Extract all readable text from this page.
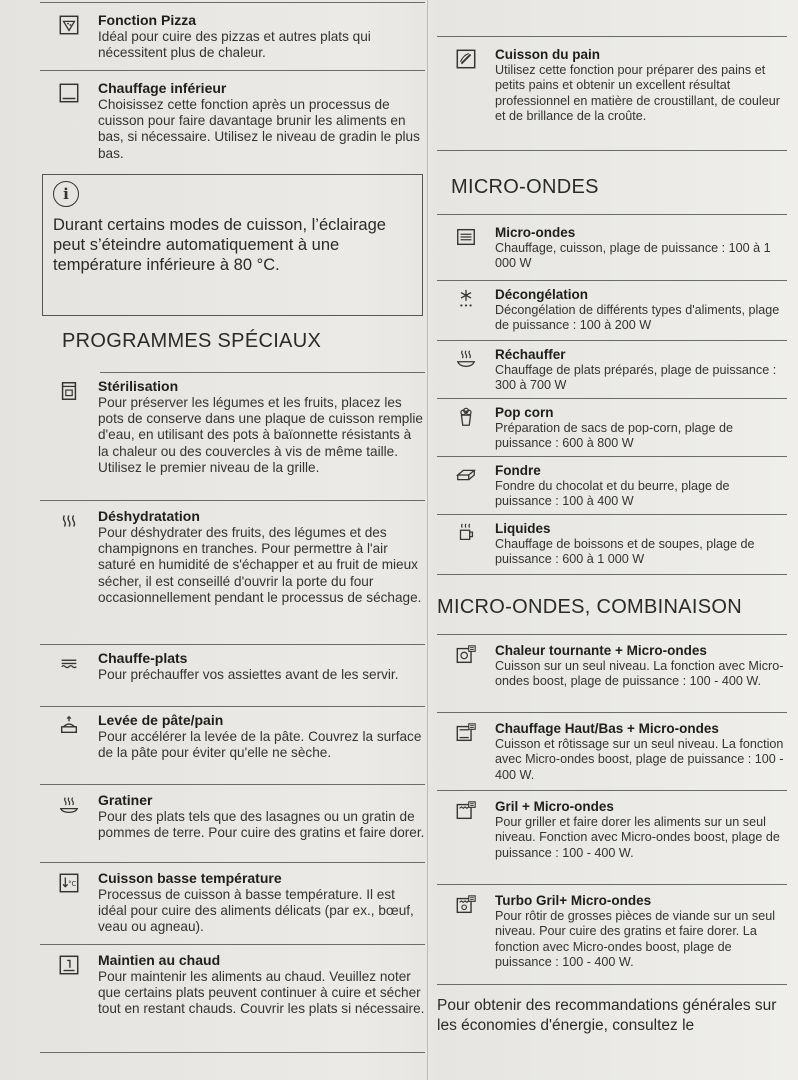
Fonction Pizza
Idéal pour cuire des pizzas et autres plats qui nécessitent plus de chaleur.
Chauffage inférieur
Choisissez cette fonction après un processus de cuisson pour faire davantage brunir les aliments en bas, si nécessaire. Utilisez le niveau de gradin le plus bas.
i
Durant certains modes de cuisson, l’éclairage peut s’éteindre automatiquement à une température inférieure à 80 °C.
PROGRAMMES SPÉCIAUX
Stérilisation
Pour préserver les légumes et les fruits, placez les pots de conserve dans une plaque de cuisson remplie d'eau, en utilisant des pots à baïonnette résistants à la chaleur ou des couvercles à vis de même taille. Utilisez le premier niveau de la grille.
Déshydratation
Pour déshydrater des fruits, des légumes et des champignons en tranches. Pour permettre à l'air saturé en humidité de s'échapper et au fruit de mieux sécher, il est conseillé d'ouvrir la porte du four occasionnellement pendant le processus de séchage.
Chauffe-plats
Pour préchauffer vos assiettes avant de les servir.
Levée de pâte/pain
Pour accélérer la levée de la pâte. Couvrez la surface de la pâte pour éviter qu'elle ne sèche.
Gratiner
Pour des plats tels que des lasagnes ou un gratin de pommes de terre. Pour cuire des gratins et faire dorer.
°C Cuisson basse température
Processus de cuisson à basse température. Il est idéal pour cuire des aliments délicats (par ex., bœuf, veau ou agneau).
Maintien au chaud
Pour maintenir les aliments au chaud. Veuillez noter que certains plats peuvent continuer à cuire et sécher tout en restant chauds. Couvrir les plats si nécessaire.
Cuisson du pain
Utilisez cette fonction pour préparer des pains et petits pains et obtenir un excellent résultat professionnel en matière de croustillant, de couleur et de brillance de la croûte.
MICRO-ONDES
Micro-ondes
Chauffage, cuisson, plage de puissance : 100 à 1 000 W
Décongélation
Décongélation de différents types d'aliments, plage de puissance : 100 à 200 W
Réchauffer
Chauffage de plats préparés, plage de puissance : 300 à 700 W
Pop corn
Préparation de sacs de pop-corn, plage de puissance : 600 à 800 W
Fondre
Fondre du chocolat et du beurre, plage de puissance : 100 à 400 W
Liquides
Chauffage de boissons et de soupes, plage de puissance : 600 à 1 000 W
MICRO-ONDES, COMBINAISON
Chaleur tournante + Micro-ondes
Cuisson sur un seul niveau. La fonction avec Micro-ondes boost, plage de puissance : 100 - 400 W.
Chauffage Haut/Bas + Micro-ondes
Cuisson et rôtissage sur un seul niveau. La fonction avec Micro-ondes boost, plage de puissance : 100 - 400 W.
Gril + Micro-ondes
Pour griller et faire dorer les aliments sur un seul niveau. Fonction avec Micro-ondes boost, plage de puissance : 100 - 400 W.
Turbo Gril+ Micro-ondes
Pour rôtir de grosses pièces de viande sur un seul niveau. Pour cuire des gratins et faire dorer. La fonction avec Micro-ondes boost, plage de puissance : 100 - 400 W.
Pour obtenir des recommandations générales sur les économies d'énergie, consultez le
